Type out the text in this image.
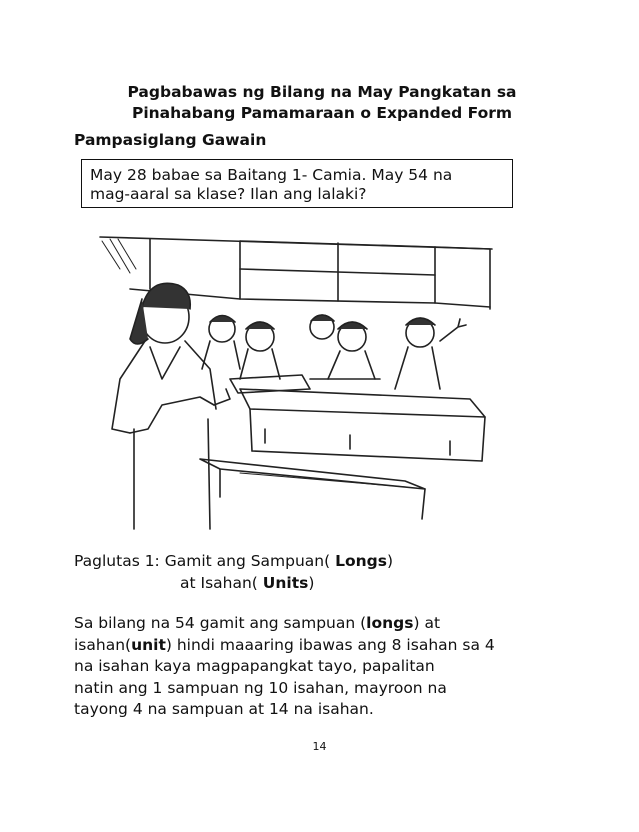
Pagbabawas ng Bilang na May Pangkatan sa
Pinahabang Pamamaraan o Expanded Form
Pampasiglang Gawain
May 28 babae sa Baitang 1- Camia. May 54 na
mag-aaral sa klase? Ilan ang lalaki?
Paglutas 1: Gamit ang Sampuan( Longs)
at Isahan( Units)
Sa bilang na 54 gamit ang sampuan (longs) at
isahan(unit) hindi maaaring ibawas ang 8 isahan sa 4
na isahan kaya magpapangkat tayo, papalitan
natin ang 1 sampuan ng 10 isahan, mayroon na
tayong 4 na sampuan at 14 na isahan.
14
